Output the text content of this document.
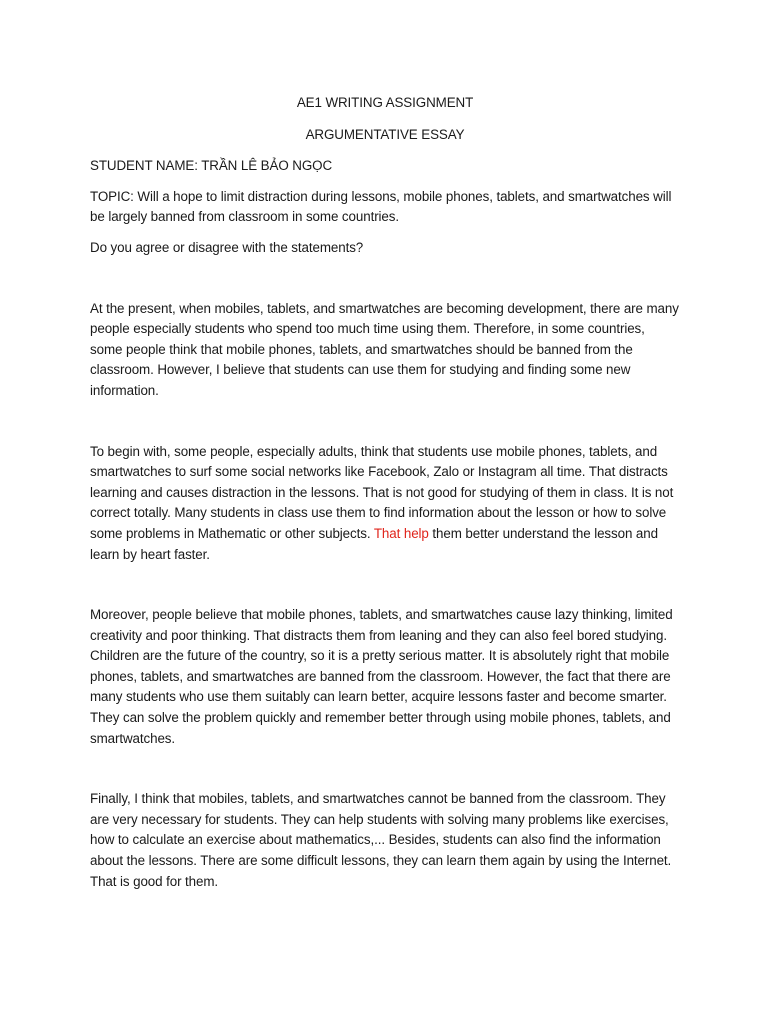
AE1 WRITING ASSIGNMENT

ARGUMENTATIVE ESSAY

STUDENT NAME: TRẦN LÊ BẢO NGỌC

TOPIC: Will a hope to limit distraction during lessons, mobile phones, tablets, and smartwatches will be largely banned from classroom in some countries.

Do you agree or disagree with the statements?

At the present, when mobiles, tablets, and smartwatches are becoming development, there are many people especially students who spend too much time using them. Therefore, in some countries, some people think that mobile phones, tablets, and smartwatches should be banned from the classroom. However, I believe that students can use them for studying and finding some new information.

To begin with, some people, especially adults, think that students use mobile phones, tablets, and smartwatches to surf some social networks like Facebook, Zalo or Instagram all time. That distracts learning and causes distraction in the lessons. That is not good for studying of them in class. It is not correct totally. Many students in class use them to find information about the lesson or how to solve some problems in Mathematic or other subjects. That help them better understand the lesson and learn by heart faster.

Moreover, people believe that mobile phones, tablets, and smartwatches cause lazy thinking, limited creativity and poor thinking. That distracts them from leaning and they can also feel bored studying. Children are the future of the country, so it is a pretty serious matter. It is absolutely right that mobile phones, tablets, and smartwatches are banned from the classroom. However, the fact that there are many students who use them suitably can learn better, acquire lessons faster and become smarter. They can solve the problem quickly and remember better through using mobile phones, tablets, and smartwatches.

Finally, I think that mobiles, tablets, and smartwatches cannot be banned from the classroom. They are very necessary for students. They can help students with solving many problems like exercises, how to calculate an exercise about mathematics,... Besides, students can also find the information about the lessons. There are some difficult lessons, they can learn them again by using the Internet. That is good for them.
